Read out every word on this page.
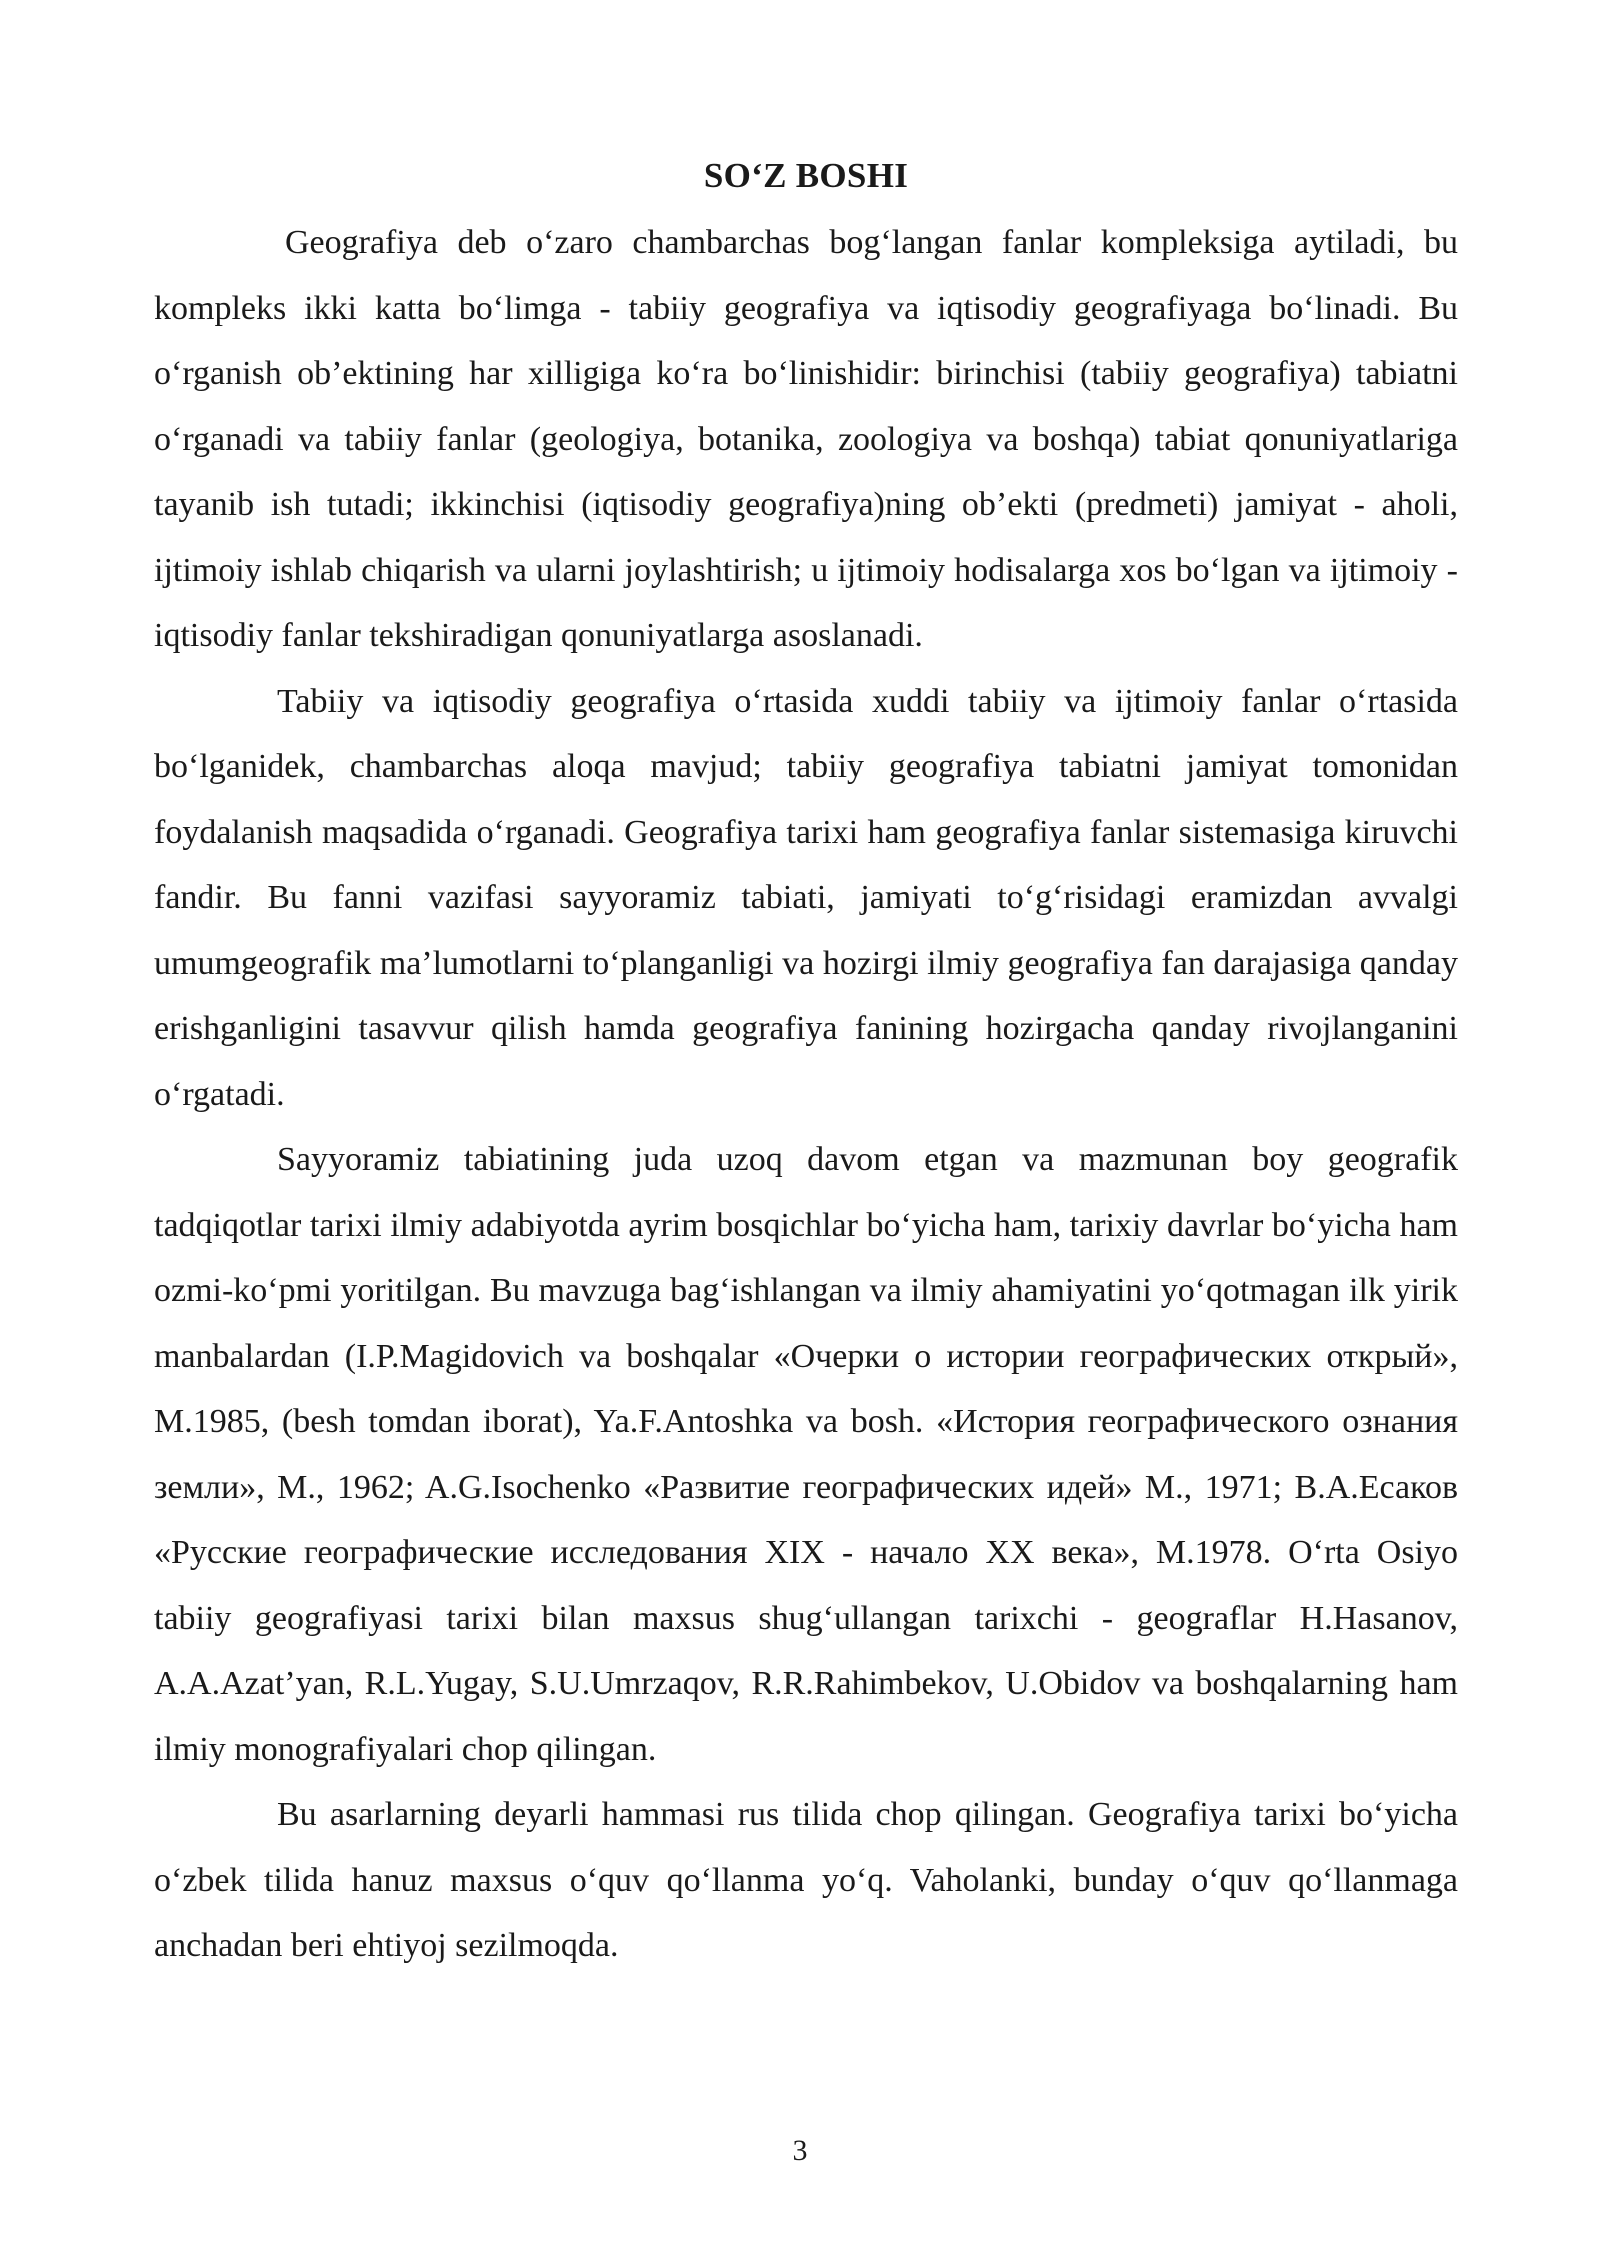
SO‘Z BOSHI

Geografiya deb o‘zaro chambarchas bog‘langan fanlar kompleksiga aytiladi, bu kompleks ikki katta bo‘limga - tabiiy geografiya va iqtisodiy geografiyaga bo‘linadi. Bu o‘rganish ob’ektining har xilligiga ko‘ra bo‘linishidir: birinchisi (tabiiy geografiya) tabiatni o‘rganadi va tabiiy fanlar (geologiya, botanika, zoologiya va boshqa) tabiat qonuniyatlariga tayanib ish tutadi; ikkinchisi (iqtisodiy geografiya)ning ob’ekti (predmeti) jamiyat - aholi, ijtimoiy ishlab chiqarish va ularni joylashtirish; u ijtimoiy hodisalarga xos bo‘lgan va ijtimoiy - iqtisodiy fanlar tekshiradigan qonuniyatlarga asoslanadi.

Tabiiy va iqtisodiy geografiya o‘rtasida xuddi tabiiy va ijtimoiy fanlar o‘rtasida bo‘lganidek, chambarchas aloqa mavjud; tabiiy geografiya tabiatni jamiyat tomonidan foydalanish maqsadida o‘rganadi. Geografiya tarixi ham geografiya fanlar sistemasiga kiruvchi fandir. Bu fanni vazifasi sayyoramiz tabiati, jamiyati to‘g‘risidagi eramizdan avvalgi umumgeografik ma’lumotlarni to‘planganligi va hozirgi ilmiy geografiya fan darajasiga qanday erishganligini tasavvur qilish hamda geografiya fanining hozirgacha qanday rivojlanganini o‘rgatadi.

Sayyoramiz tabiatining juda uzoq davom etgan va mazmunan boy geografik tadqiqotlar tarixi ilmiy adabiyotda ayrim bosqichlar bo‘yicha ham, tarixiy davrlar bo‘yicha ham ozmi-ko‘pmi yoritilgan. Bu mavzuga bag‘ishlangan va ilmiy ahamiyatini yo‘qotmagan ilk yirik manbalardan (I.P.Magidovich va boshqalar «Очерки о истории географических открый», M.1985, (besh tomdan iborat), Ya.F.Antoshka va bosh. «История географического ознания земли», M., 1962; A.G.Isochenko «Развитие географических идей» M., 1971; B.A.Есаков «Русские географические исследования XIX - начало XX века», M.1978. O‘rta Osiyo tabiiy geografiyasi tarixi bilan maxsus shug‘ullangan tarixchi - geograflar H.Hasanov, A.A.Azat’yan, R.L.Yugay, S.U.Umrzaqov, R.R.Rahimbekov, U.Obidov va boshqalarning ham ilmiy monografiyalari chop qilingan.

Bu asarlarning deyarli hammasi rus tilida chop qilingan. Geografiya tarixi bo‘yicha o‘zbek tilida hanuz maxsus o‘quv qo‘llanma yo‘q. Vaholanki, bunday o‘quv qo‘llanmaga anchadan beri ehtiyoj sezilmoqda.

3
